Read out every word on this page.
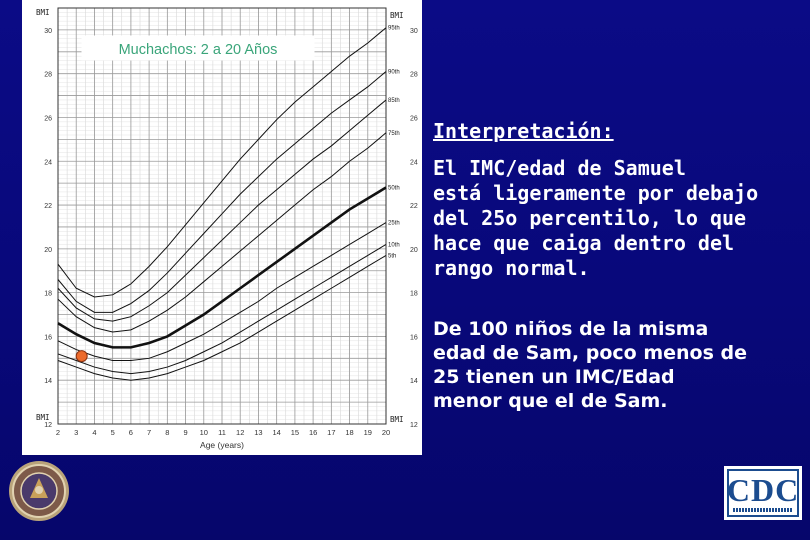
95th
90th
85th
75th
50th
25th
10th
5th
12	12
14	14
16	16
18	18
20	20
22	22
24	24
26	26
28	28
30	30
2 3 4 5 6 7 8 9 10 11 12 13 14 15 16 17 18 19 20
Age (years)
BMI	BMI
BMI	BMI
Muchachos: 2 a 20 Años
Interpretación:
El IMC/edad de Samuel
está ligeramente por debajo
del 25o percentilo, lo que
hace que caiga dentro del
rango normal.
De 100 niños de la misma
edad de Sam, poco menos de
25 tienen un IMC/Edad
menor que el de Sam.
CDC
